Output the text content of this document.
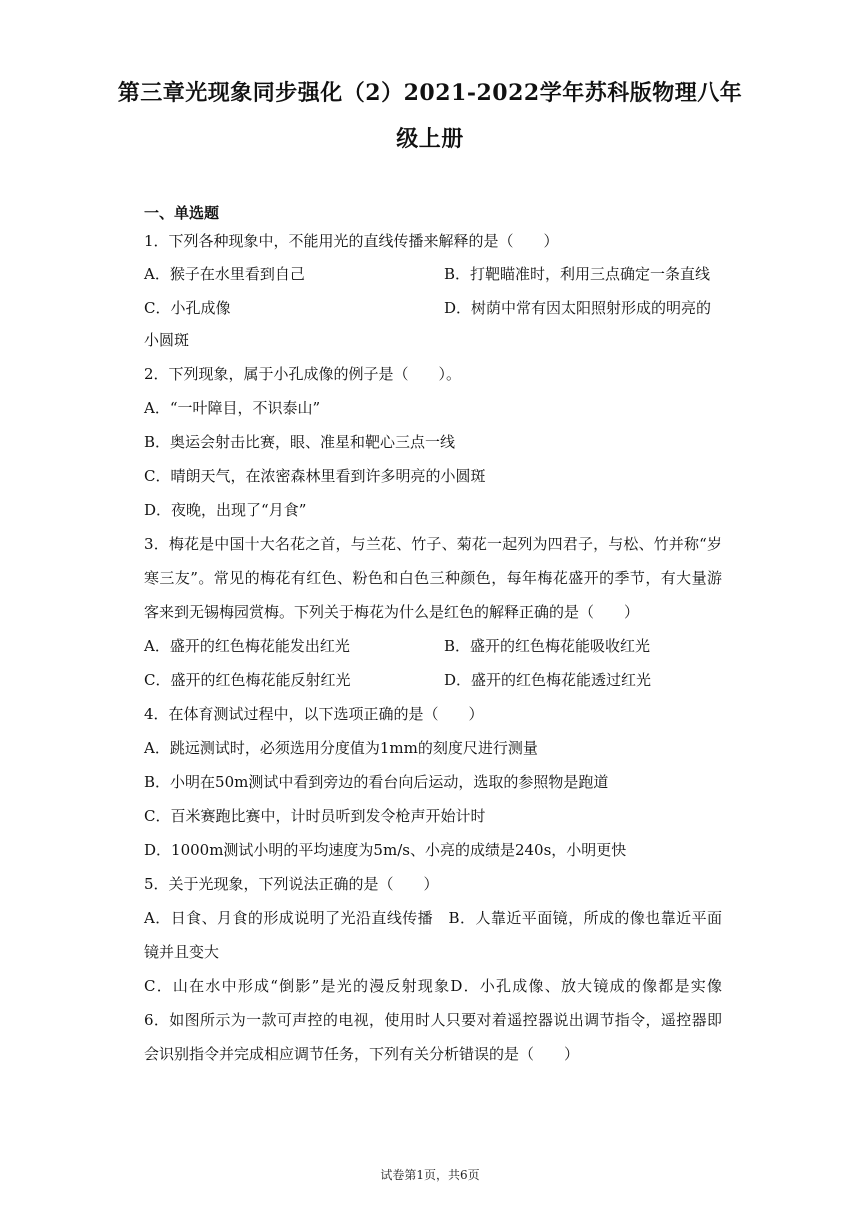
第三章光现象同步强化（2）2021-2022学年苏科版物理八年
级上册
一、单选题
1．下列各种现象中，不能用光的直线传播来解释的是（　　）
A．猴子在水里看到自己	B．打靶瞄准时，利用三点确定一条直线
C．小孔成像	D．树荫中常有因太阳照射形成的明亮的
小圆斑
2．下列现象，属于小孔成像的例子是（　　）。
A．“一叶障目，不识泰山”
B．奥运会射击比赛，眼、准星和靶心三点一线
C．晴朗天气，在浓密森林里看到许多明亮的小圆斑
D．夜晚，出现了“月食”
3．梅花是中国十大名花之首，与兰花、竹子、菊花一起列为四君子，与松、竹并称“岁
寒三友”。常见的梅花有红色、粉色和白色三种颜色，每年梅花盛开的季节，有大量游
客来到无锡梅园赏梅。下列关于梅花为什么是红色的解释正确的是（　　）
A．盛开的红色梅花能发出红光	B．盛开的红色梅花能吸收红光
C．盛开的红色梅花能反射红光	D．盛开的红色梅花能透过红光
4．在体育测试过程中，以下选项正确的是（　　）
A．跳远测试时，必须选用分度值为1mm的刻度尺进行测量
B．小明在50m测试中看到旁边的看台向后运动，选取的参照物是跑道
C．百米赛跑比赛中，计时员听到发令枪声开始计时
D．1000m测试小明的平均速度为5m/s、小亮的成绩是240s，小明更快
5．关于光现象，下列说法正确的是（　　）
A．日食、月食的形成说明了光沿直线传播　B．人靠近平面镜，所成的像也靠近平面
镜并且变大
C．山在水中形成“倒影”是光的漫反射现象D．小孔成像、放大镜成的像都是实像
6．如图所示为一款可声控的电视，使用时人只要对着遥控器说出调节指令，遥控器即
会识别指令并完成相应调节任务，下列有关分析错误的是（　　）
试卷第1页，共6页
